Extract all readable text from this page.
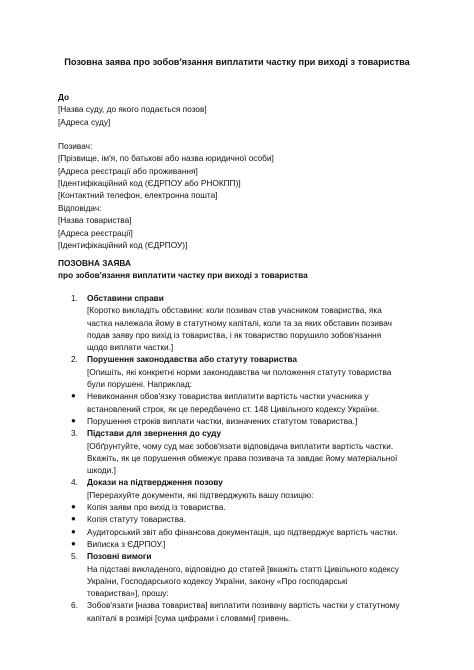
Позовна заява про зобов'язання виплатити частку при виході з товариства
До
[Назва суду, до якого подається позов]
[Адреса суду]
Позивач:
[Прізвище, ім'я, по батькові або назва юридичної особи]
[Адреса реєстрації або проживання]
[Ідентифікаційний код (ЄДРПОУ або РНОКПП)]
[Контактний телефон, електронна пошта]
Відповідач:
[Назва товариства]
[Адреса реєстрації]
[Ідентифікаційний код (ЄДРПОУ)]
ПОЗОВНА ЗАЯВА
про зобов'язання виплатити частку при виході з товариства
1. Обставини справи
[Коротко викладіть обставини: коли позивач став учасником товариства, яка
частка належала йому в статутному капіталі, коли та за яких обставин позивач
подав заяву про вихід із товариства, і як товариство порушило зобов'язання
щодо виплати частки.]
2. Порушення законодавства або статуту товариства
[Опишіть, які конкретні норми законодавства чи положення статуту товариства
були порушені. Наприклад:
● Невиконання обов'язку товариства виплатити вартість частки учасника у
встановлений строк, як це передбачено ст. 148 Цивільного кодексу України.
● Порушення строків виплати частки, визначених статутом товариства.]
3. Підстави для звернення до суду
[Обґрунтуйте, чому суд має зобов'язати відповідача виплатити вартість частки.
Вкажіть, як це порушення обмежує права позивача та завдає йому матеріальної
шкоди.]
4. Докази на підтвердження позову
[Перерахуйте документи, які підтверджують вашу позицію:
● Копія заяви про вихід із товариства.
● Копія статуту товариства.
● Аудиторський звіт або фінансова документація, що підтверджує вартість частки.
● Виписка з ЄДРПОУ.]
5. Позовні вимоги
На підставі викладеного, відповідно до статей [вкажіть статті Цивільного кодексу
України, Господарського кодексу України, закону «Про господарські
товариства»], прошу:
6. Зобов'язати [назва товариства] виплатити позивачу вартість частки у статутному
капіталі в розмірі [сума цифрами і словами] гривень.
